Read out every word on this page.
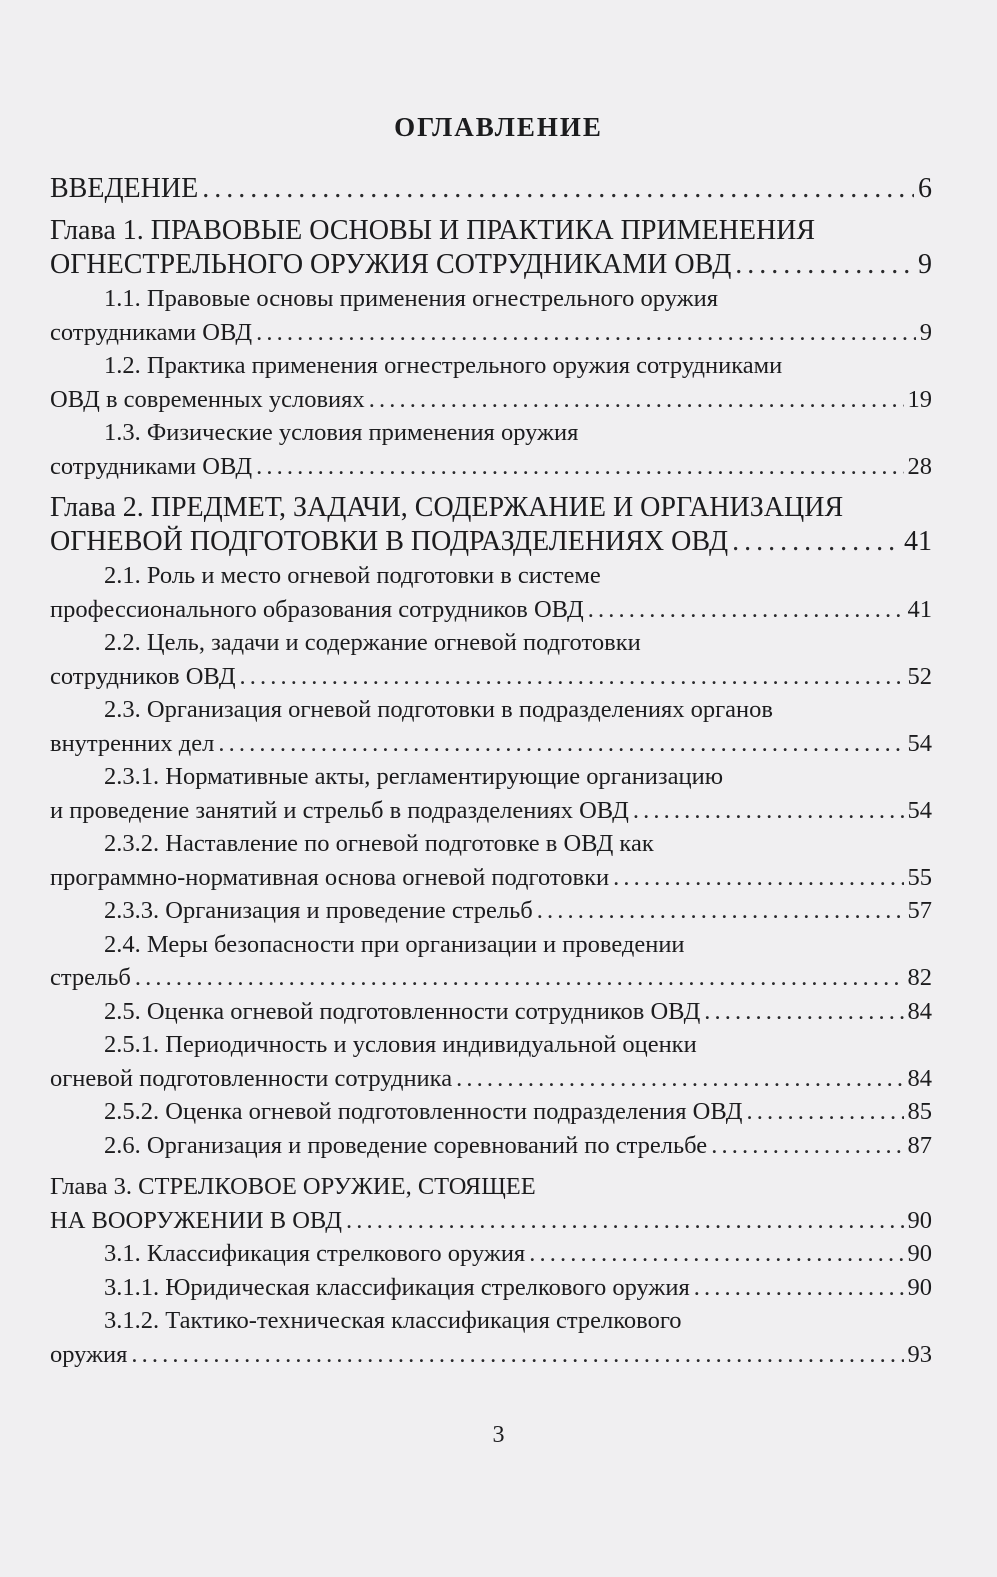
ОГЛАВЛЕНИЕ
ВВЕДЕНИЕ . . .	6
Глава 1. ПРАВОВЫЕ ОСНОВЫ И ПРАКТИКА ПРИМЕНЕНИЯ
ОГНЕСТРЕЛЬНОГО ОРУЖИЯ СОТРУДНИКАМИ ОВД . . .	9
1.1. Правовые основы применения огнестрельного оружия
сотрудниками ОВД . . .	9
1.2. Практика применения огнестрельного оружия сотрудниками
ОВД в современных условиях . . .	19
1.3. Физические условия применения оружия
сотрудниками ОВД . . .	28
Глава 2. ПРЕДМЕТ, ЗАДАЧИ, СОДЕРЖАНИЕ И ОРГАНИЗАЦИЯ
ОГНЕВОЙ ПОДГОТОВКИ В ПОДРАЗДЕЛЕНИЯХ ОВД . . .	41
2.1. Роль и место огневой подготовки в системе
профессионального образования сотрудников ОВД . . .	41
2.2. Цель, задачи и содержание огневой подготовки
сотрудников ОВД . . .	52
2.3. Организация огневой подготовки в подразделениях органов
внутренних дел . . .	54
2.3.1. Нормативные акты, регламентирующие организацию
и проведение занятий и стрельб в подразделениях ОВД . . .	54
2.3.2. Наставление по огневой подготовке в ОВД как
программно-нормативная основа огневой подготовки . . .	55
2.3.3. Организация и проведение стрельб . . .	57
2.4. Меры безопасности при организации и проведении
стрельб . . .	82
2.5. Оценка огневой подготовленности сотрудников ОВД . . .	84
2.5.1. Периодичность и условия индивидуальной оценки
огневой подготовленности сотрудника . . .	84
2.5.2. Оценка огневой подготовленности подразделения ОВД . . .	85
2.6. Организация и проведение соревнований по стрельбе . . .	87
Глава 3. СТРЕЛКОВОЕ ОРУЖИЕ, СТОЯЩЕЕ
НА ВООРУЖЕНИИ В ОВД . . .	90
3.1. Классификация стрелкового оружия . . .	90
3.1.1. Юридическая классификация стрелкового оружия . . .	90
3.1.2. Тактико-техническая классификация стрелкового
оружия . . .	93
3
